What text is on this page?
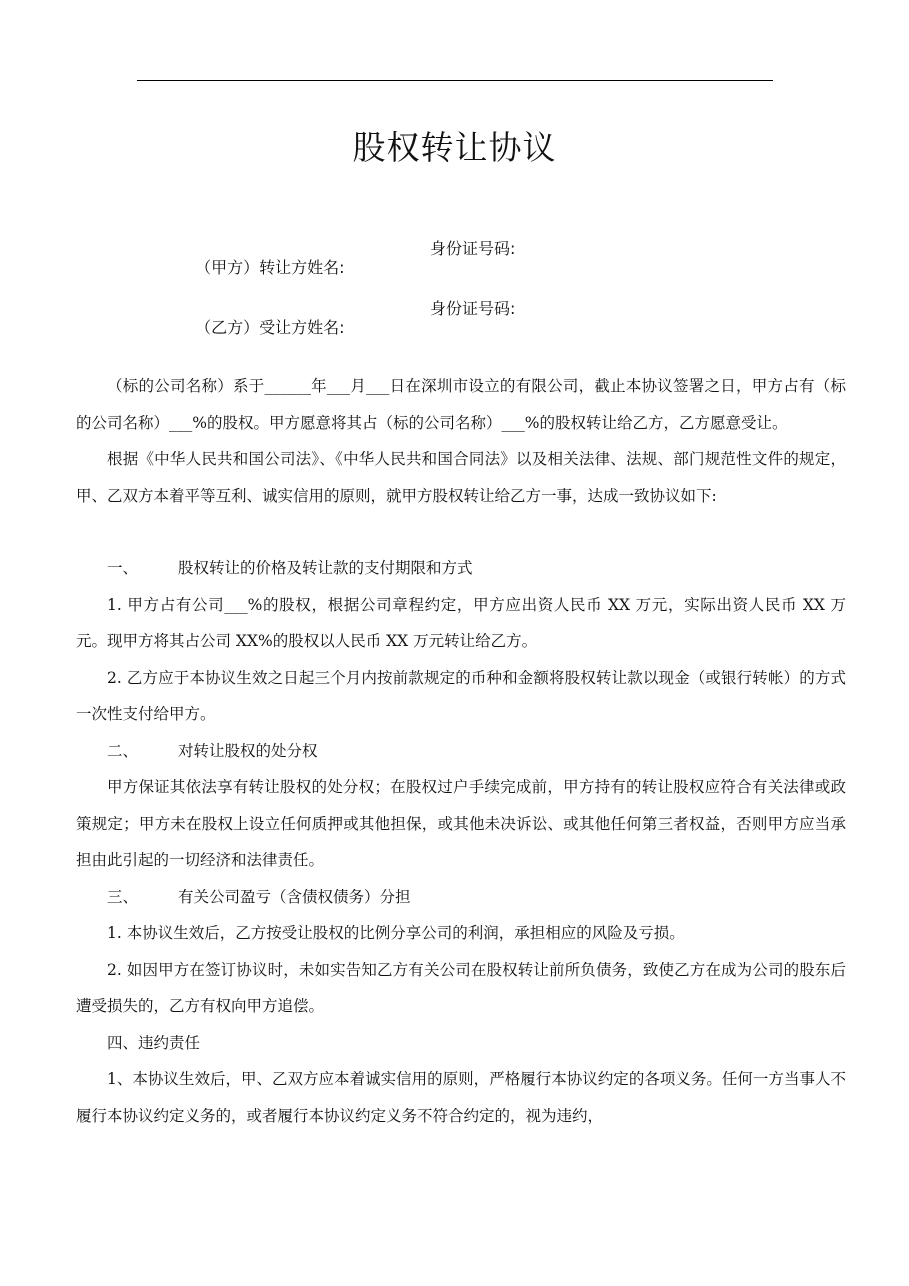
股权转让协议

（甲方）转让方姓名:

身份证号码:

（乙方）受让方姓名:

身份证号码:

（标的公司名称）系于______年___月___日在深圳市设立的有限公司，截止本协议签署之日，甲方占有（标的公司名称）___%的股权。甲方愿意将其占（标的公司名称）___%的股权转让给乙方，乙方愿意受让。

根据《中华人民共和国公司法》、《中华人民共和国合同法》以及相关法律、法规、部门规范性文件的规定，甲、乙双方本着平等互利、诚实信用的原则，就甲方股权转让给乙方一事，达成一致协议如下:

一、	股权转让的价格及转让款的支付期限和方式

1. 甲方占有公司___%的股权，根据公司章程约定，甲方应出资人民币 XX 万元，实际出资人民币 XX 万元。现甲方将其占公司 XX%的股权以人民币 XX 万元转让给乙方。

2. 乙方应于本协议生效之日起三个月内按前款规定的币种和金额将股权转让款以现金（或银行转帐）的方式一次性支付给甲方。

二、	对转让股权的处分权

甲方保证其依法享有转让股权的处分权；在股权过户手续完成前，甲方持有的转让股权应符合有关法律或政策规定；甲方未在股权上设立任何质押或其他担保，或其他未决诉讼、或其他任何第三者权益，否则甲方应当承担由此引起的一切经济和法律责任。

三、	有关公司盈亏（含债权债务）分担

1. 本协议生效后，乙方按受让股权的比例分享公司的利润，承担相应的风险及亏损。

2. 如因甲方在签订协议时，未如实告知乙方有关公司在股权转让前所负债务，致使乙方在成为公司的股东后遭受损失的，乙方有权向甲方追偿。

四、违约责任

1、本协议生效后，甲、乙双方应本着诚实信用的原则，严格履行本协议约定的各项义务。任何一方当事人不履行本协议约定义务的，或者履行本协议约定义务不符合约定的，视为违约，
